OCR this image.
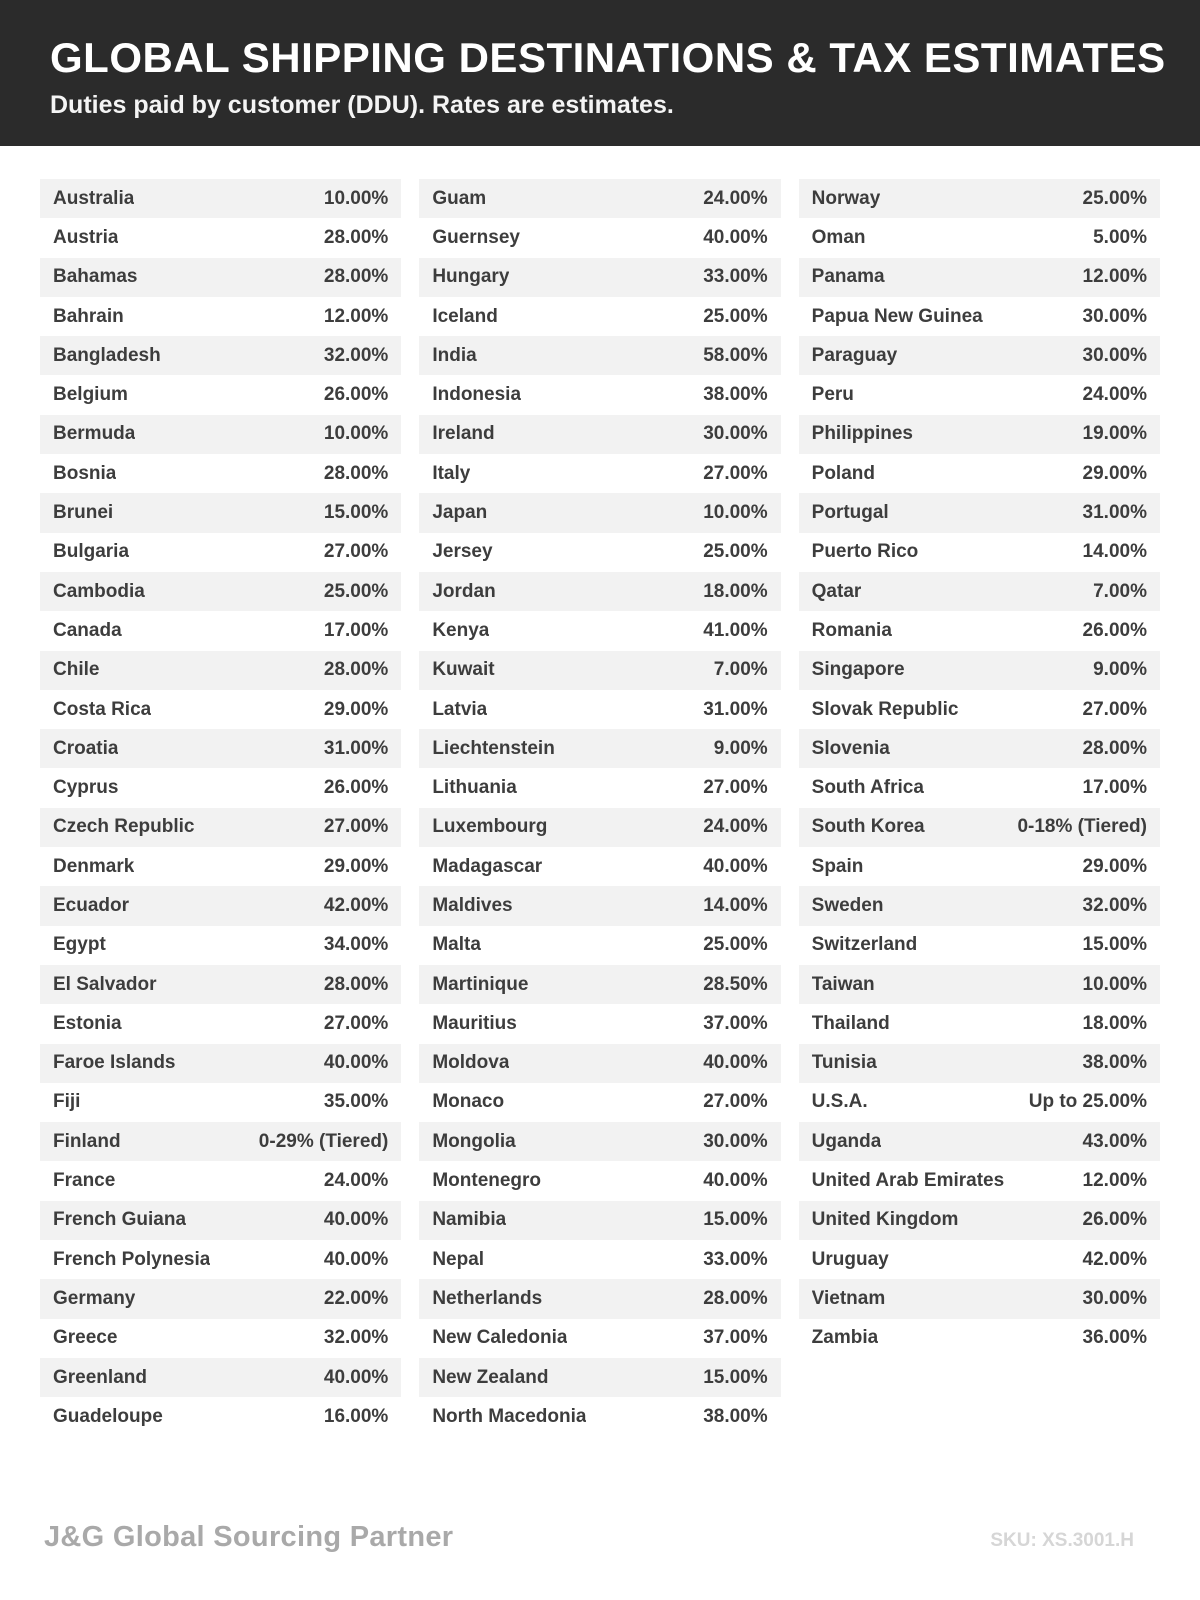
GLOBAL SHIPPING DESTINATIONS & TAX ESTIMATES
Duties paid by customer (DDU). Rates are estimates.
Australia	10.00%
Austria	28.00%
Bahamas	28.00%
Bahrain	12.00%
Bangladesh	32.00%
Belgium	26.00%
Bermuda	10.00%
Bosnia	28.00%
Brunei	15.00%
Bulgaria	27.00%
Cambodia	25.00%
Canada	17.00%
Chile	28.00%
Costa Rica	29.00%
Croatia	31.00%
Cyprus	26.00%
Czech Republic	27.00%
Denmark	29.00%
Ecuador	42.00%
Egypt	34.00%
El Salvador	28.00%
Estonia	27.00%
Faroe Islands	40.00%
Fiji	35.00%
Finland	0-29% (Tiered)
France	24.00%
French Guiana	40.00%
French Polynesia	40.00%
Germany	22.00%
Greece	32.00%
Greenland	40.00%
Guadeloupe	16.00%
Guam	24.00%
Guernsey	40.00%
Hungary	33.00%
Iceland	25.00%
India	58.00%
Indonesia	38.00%
Ireland	30.00%
Italy	27.00%
Japan	10.00%
Jersey	25.00%
Jordan	18.00%
Kenya	41.00%
Kuwait	7.00%
Latvia	31.00%
Liechtenstein	9.00%
Lithuania	27.00%
Luxembourg	24.00%
Madagascar	40.00%
Maldives	14.00%
Malta	25.00%
Martinique	28.50%
Mauritius	37.00%
Moldova	40.00%
Monaco	27.00%
Mongolia	30.00%
Montenegro	40.00%
Namibia	15.00%
Nepal	33.00%
Netherlands	28.00%
New Caledonia	37.00%
New Zealand	15.00%
North Macedonia	38.00%
Norway	25.00%
Oman	5.00%
Panama	12.00%
Papua New Guinea	30.00%
Paraguay	30.00%
Peru	24.00%
Philippines	19.00%
Poland	29.00%
Portugal	31.00%
Puerto Rico	14.00%
Qatar	7.00%
Romania	26.00%
Singapore	9.00%
Slovak Republic	27.00%
Slovenia	28.00%
South Africa	17.00%
South Korea	0-18% (Tiered)
Spain	29.00%
Sweden	32.00%
Switzerland	15.00%
Taiwan	10.00%
Thailand	18.00%
Tunisia	38.00%
U.S.A.	Up to 25.00%
Uganda	43.00%
United Arab Emirates	12.00%
United Kingdom	26.00%
Uruguay	42.00%
Vietnam	30.00%
Zambia	36.00%
J&G Global Sourcing Partner	SKU: XS.3001.H
